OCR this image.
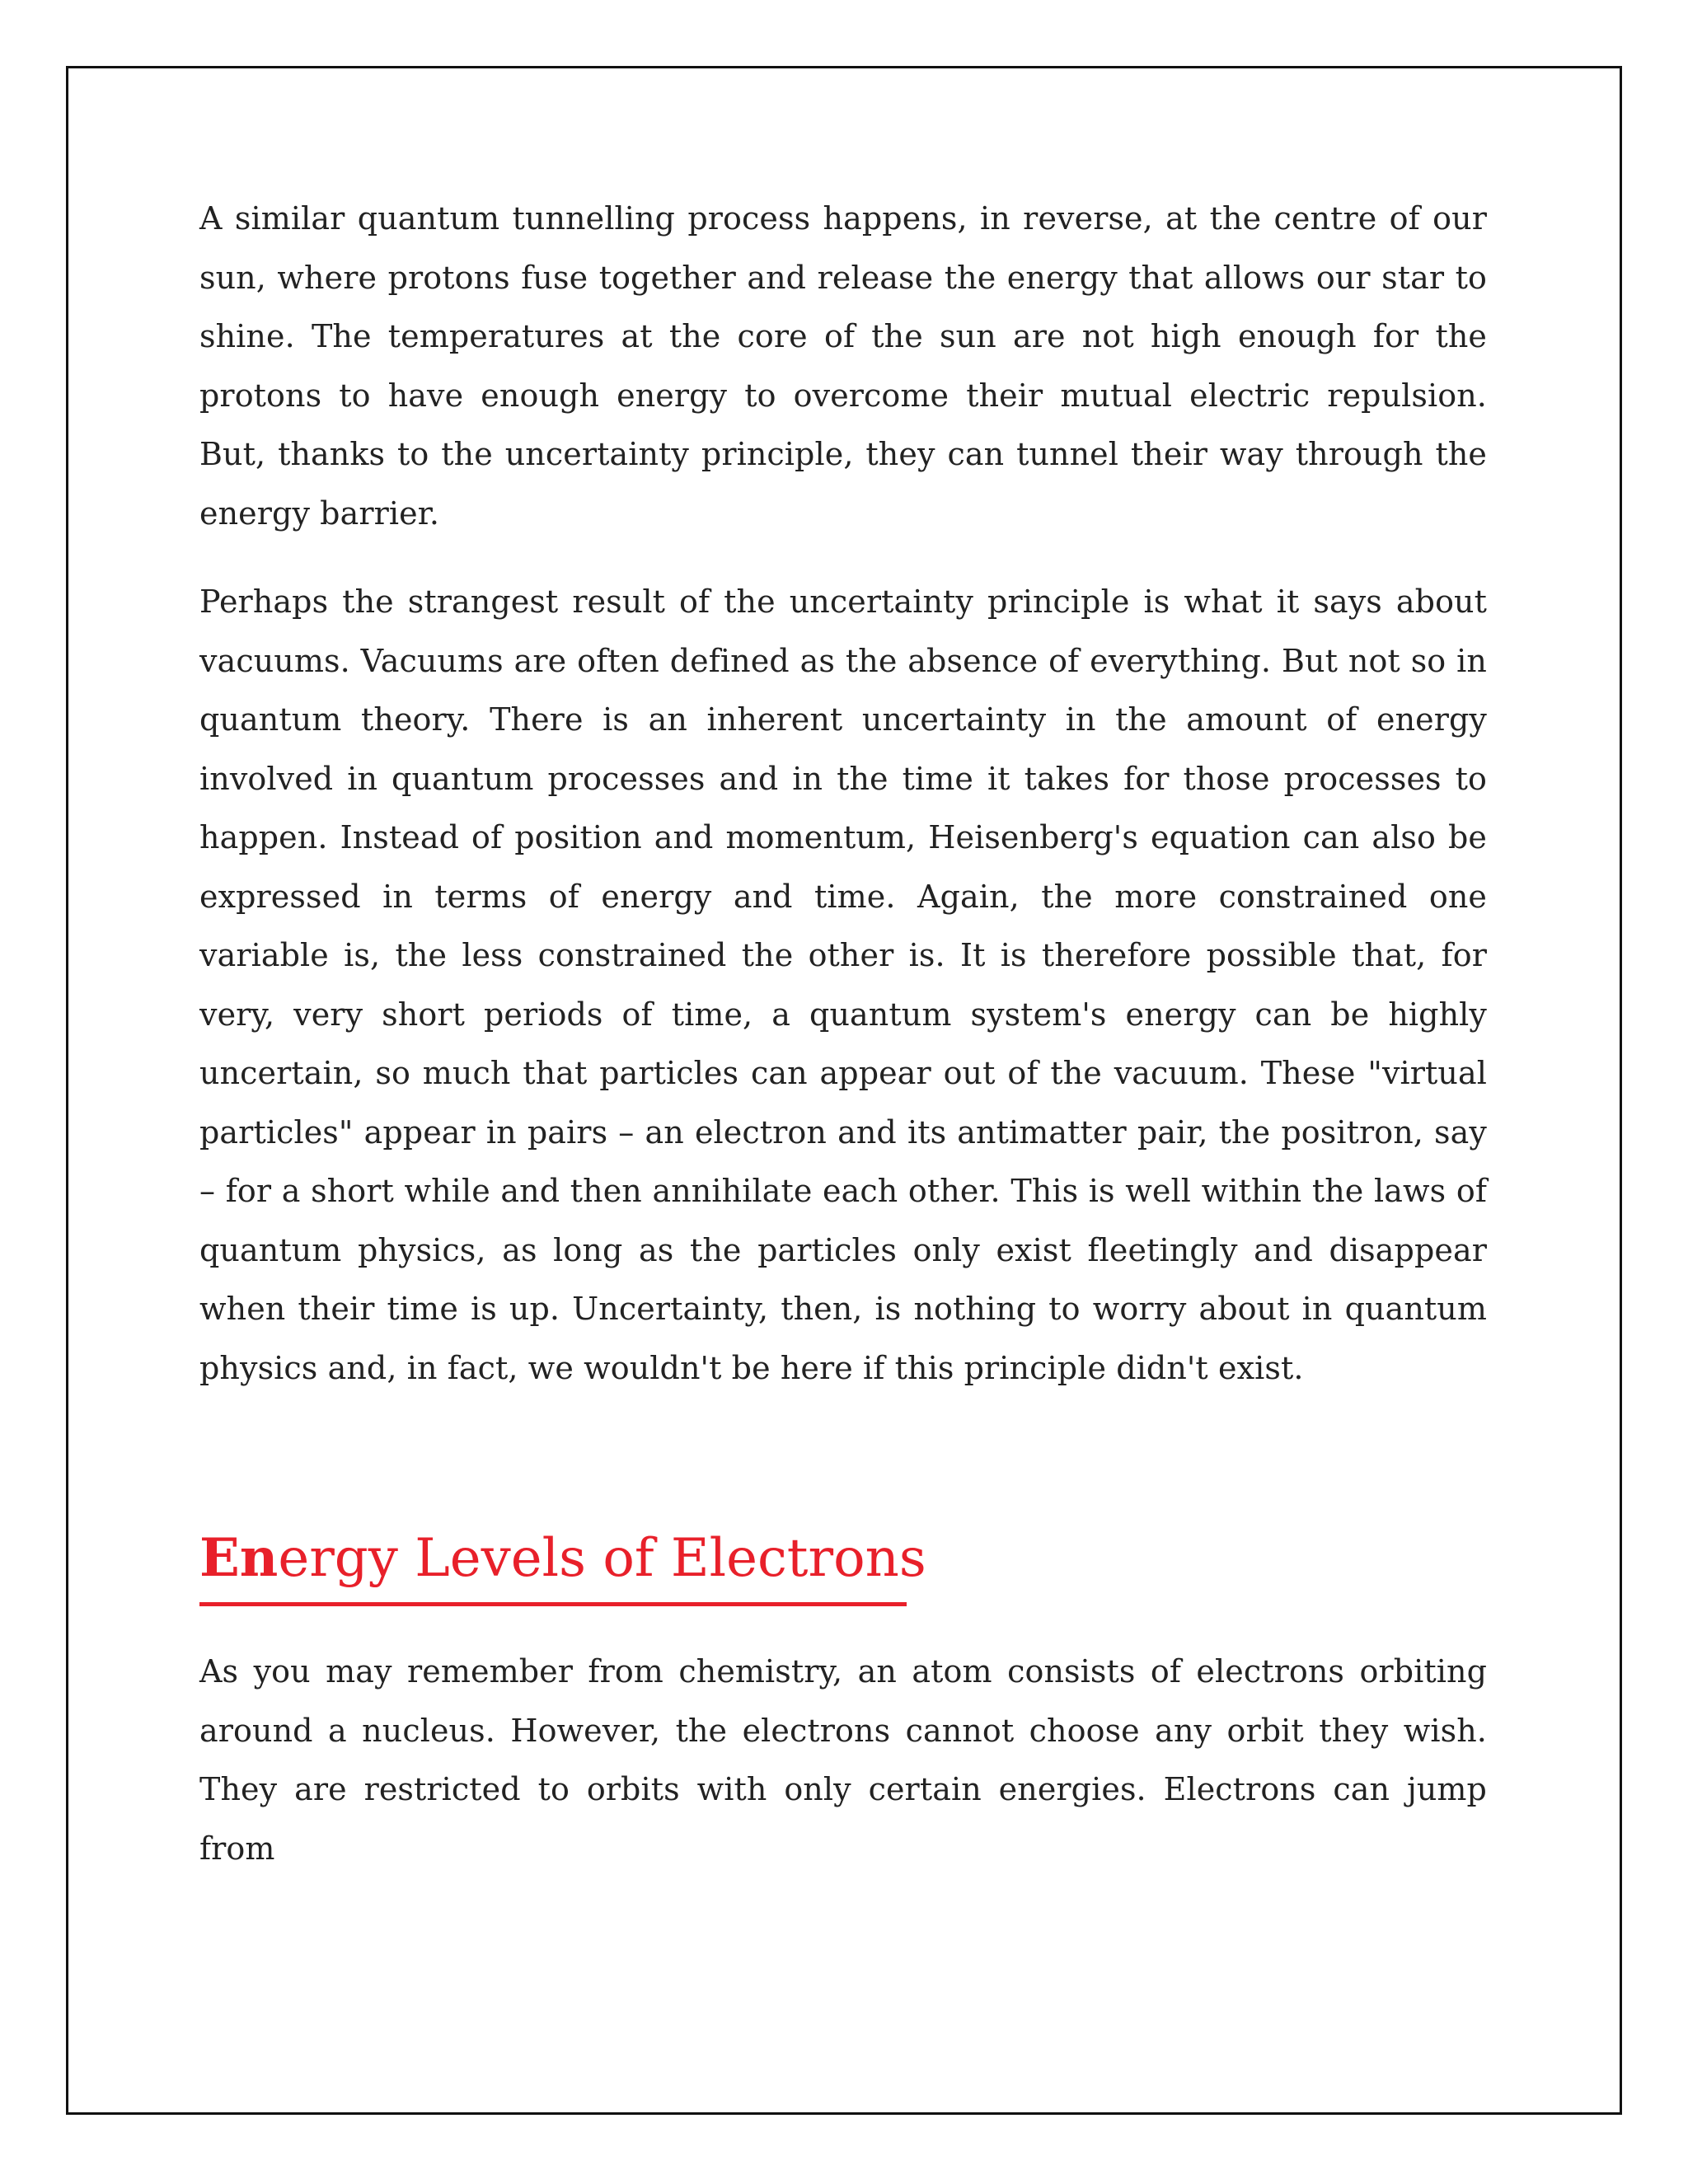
A similar quantum tunnelling process happens, in reverse, at the centre of our sun, where protons fuse together and release the energy that allows our star to shine. The temperatures at the core of the sun are not high enough for the protons to have enough energy to overcome their mutual electric repulsion. But, thanks to the uncertainty principle, they can tunnel their way through the energy barrier.

Perhaps the strangest result of the uncertainty principle is what it says about vacuums. Vacuums are often defined as the absence of everything. But not so in quantum theory. There is an inherent uncertainty in the amount of energy involved in quantum processes and in the time it takes for those processes to happen. Instead of position and momentum, Heisenberg's equation can also be expressed in terms of energy and time. Again, the more constrained one variable is, the less constrained the other is. It is therefore possible that, for very, very short periods of time, a quantum system's energy can be highly uncertain, so much that particles can appear out of the vacuum. These "virtual particles" appear in pairs – an electron and its antimatter pair, the positron, say – for a short while and then annihilate each other. This is well within the laws of quantum physics, as long as the particles only exist fleetingly and disappear when their time is up. Uncertainty, then, is nothing to worry about in quantum physics and, in fact, we wouldn't be here if this principle didn't exist.

Energy Levels of Electrons

As you may remember from chemistry, an atom consists of electrons orbiting around a nucleus. However, the electrons cannot choose any orbit they wish. They are restricted to orbits with only certain energies. Electrons can jump from
